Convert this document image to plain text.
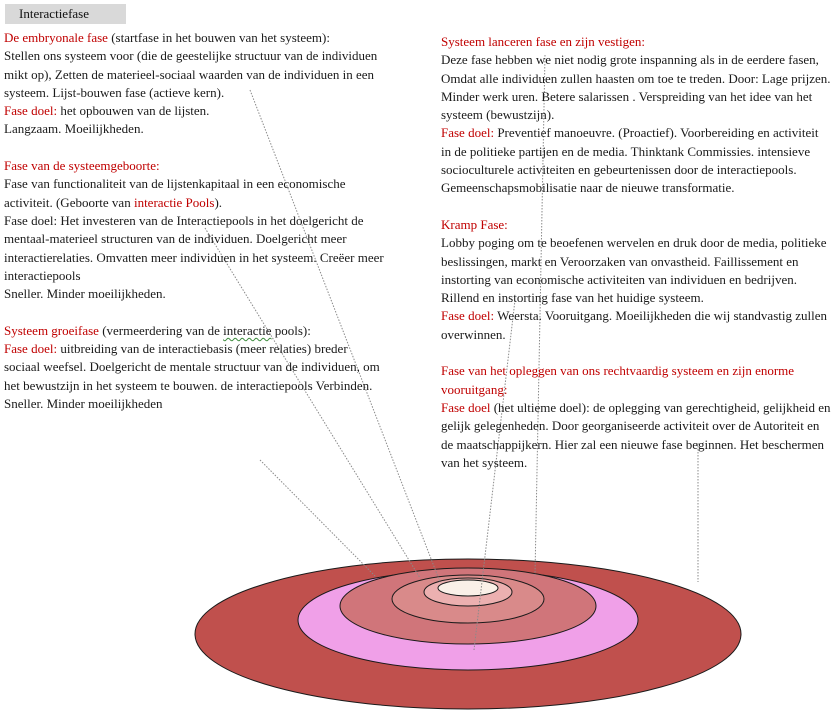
Interactiefase

De embryonale fase (startfase in het bouwen van het systeem):

Stellen ons systeem voor (die de geestelijke structuur van de individuen mikt op), Zetten de materieel-sociaal waarden van de individuen in een systeem. Lijst-bouwen fase (actieve kern).

Fase doel: het opbouwen van de lijsten.

Langzaam. Moeilijkheden.

Fase van de systeemgeboorte:

Fase van functionaliteit van de lijstenkapitaal in een economische activiteit. (Geboorte van interactie Pools).

Fase doel: Het investeren van de Interactiepools in het doelgericht de mentaal-materieel structuren van de individuen. Doelgericht meer interactierelaties. Omvatten meer individuen in het systeem. Creëer meer interactiepools

Sneller. Minder moeilijkheden.

Systeem groeifase (vermeerdering van de interactie pools):

Fase doel: uitbreiding van de interactiebasis (meer relaties) breder sociaal weefsel. Doelgericht de mentale structuur van de individuen, om het bewustzijn in het systeem te bouwen. de interactiepools Verbinden.

Sneller. Minder moeilijkheden

Systeem lanceren fase en zijn vestigen:

Deze fase hebben we niet nodig grote inspanning als in de eerdere fasen, Omdat alle individuen zullen haasten om toe te treden. Door: Lage prijzen. Minder werk uren. Betere salarissen . Verspreiding van het idee van het systeem (bewustzijn).

Fase doel: Preventief manoeuvre. (Proactief). Voorbereiding en activiteit in de politieke partijen en de media. Thinktank Commissies. intensieve socioculturele activiteiten en gebeurtenissen door de interactiepools. Gemeenschapsmobilisatie naar de nieuwe transformatie.

Kramp Fase:

Lobby poging om te beoefenen wervelen en druk door de media, politieke beslissingen, markt en Veroorzaken van onvastheid. Faillissement en instorting van economische activiteiten van individuen en bedrijven. Rillend en instorting fase van het huidige systeem.

Fase doel: Weersta. Vooruitgang. Moeilijkheden die wij standvastig zullen overwinnen.

Fase van het opleggen van ons rechtvaardig systeem en zijn enorme vooruitgang:

Fase doel (het ultieme doel): de oplegging van gerechtigheid, gelijkheid en gelijk gelegenheden. Door georganiseerde activiteit over de Autoriteit en de maatschappijkern. Hier zal een nieuwe fase beginnen. Het beschermen van het systeem.
